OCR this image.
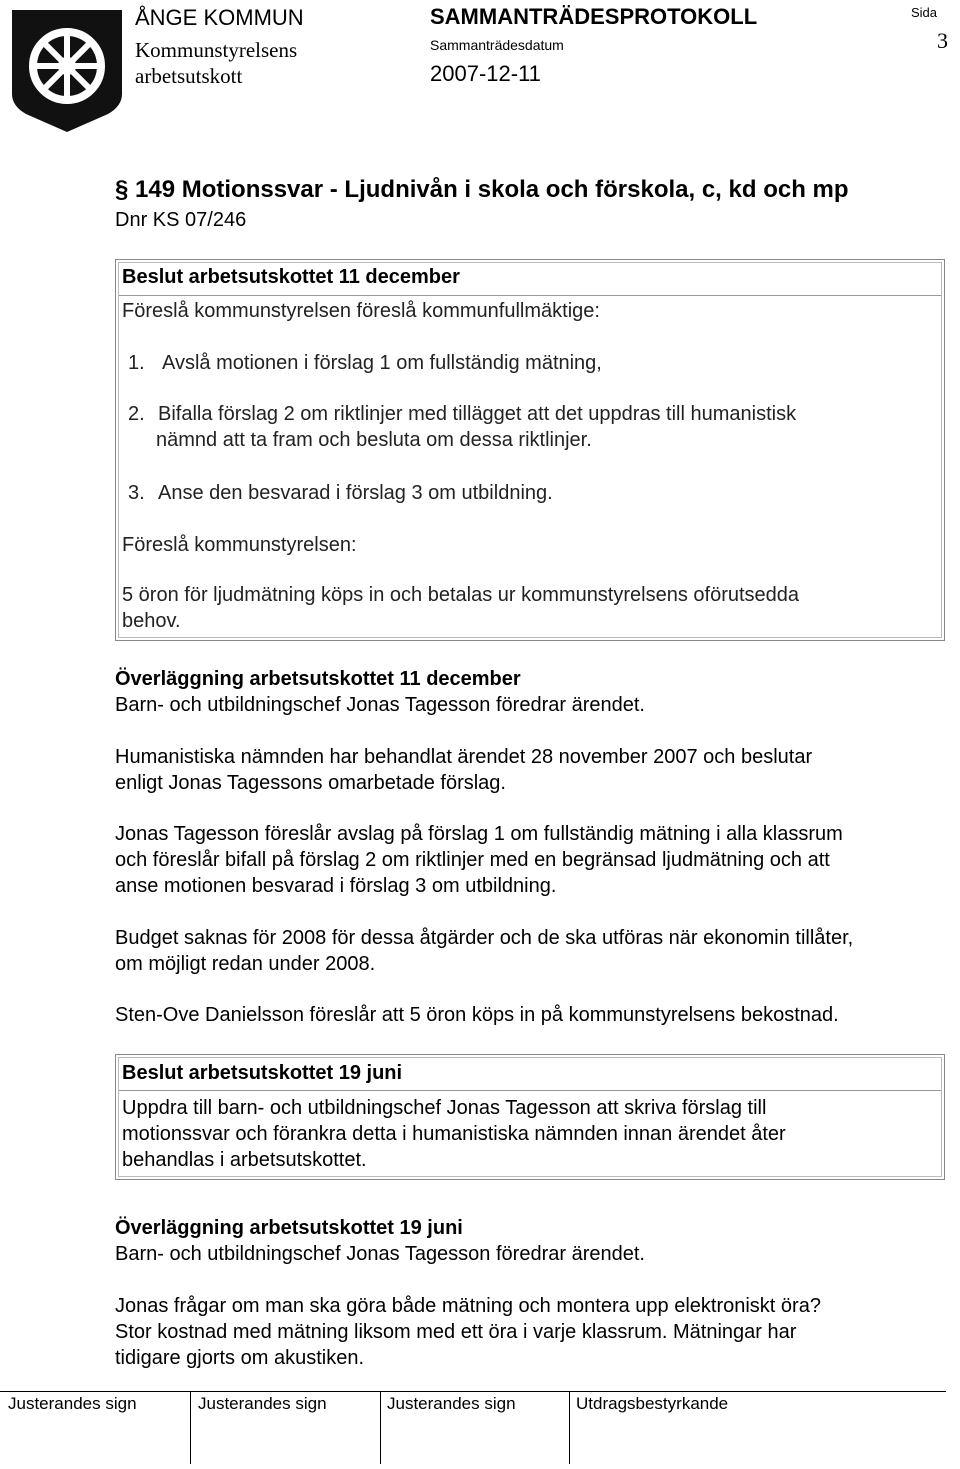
ÅNGE KOMMUN
Kommunstyrelsens
arbetsutskott
SAMMANTRÄDESPROTOKOLL
Sammanträdesdatum
2007-12-11
Sida
3
§ 149 Motionssvar - Ljudnivån i skola och förskola, c, kd och mp
Dnr KS 07/246
Beslut arbetsutskottet 11 december
Föreslå kommunstyrelsen föreslå kommunfullmäktige:
1. Avslå motionen i förslag 1 om fullständig mätning,
2. Bifalla förslag 2 om riktlinjer med tillägget att det uppdras till humanistisk
nämnd att ta fram och besluta om dessa riktlinjer.
3. Anse den besvarad i förslag 3 om utbildning.
Föreslå kommunstyrelsen:
5 öron för ljudmätning köps in och betalas ur kommunstyrelsens oförutsedda
behov.
Överläggning arbetsutskottet 11 december
Barn- och utbildningschef Jonas Tagesson föredrar ärendet.
Humanistiska nämnden har behandlat ärendet 28 november 2007 och beslutar
enligt Jonas Tagessons omarbetade förslag.
Jonas Tagesson föreslår avslag på förslag 1 om fullständig mätning i alla klassrum
och föreslår bifall på förslag 2 om riktlinjer med en begränsad ljudmätning och att
anse motionen besvarad i förslag 3 om utbildning.
Budget saknas för 2008 för dessa åtgärder och de ska utföras när ekonomin tillåter,
om möjligt redan under 2008.
Sten-Ove Danielsson föreslår att 5 öron köps in på kommunstyrelsens bekostnad.
Beslut arbetsutskottet 19 juni
Uppdra till barn- och utbildningschef Jonas Tagesson att skriva förslag till
motionssvar och förankra detta i humanistiska nämnden innan ärendet åter
behandlas i arbetsutskottet.
Överläggning arbetsutskottet 19 juni
Barn- och utbildningschef Jonas Tagesson föredrar ärendet.
Jonas frågar om man ska göra både mätning och montera upp elektroniskt öra?
Stor kostnad med mätning liksom med ett öra i varje klassrum. Mätningar har
tidigare gjorts om akustiken.
Justerandes sign	Justerandes sign	Justerandes sign	Utdragsbestyrkande
